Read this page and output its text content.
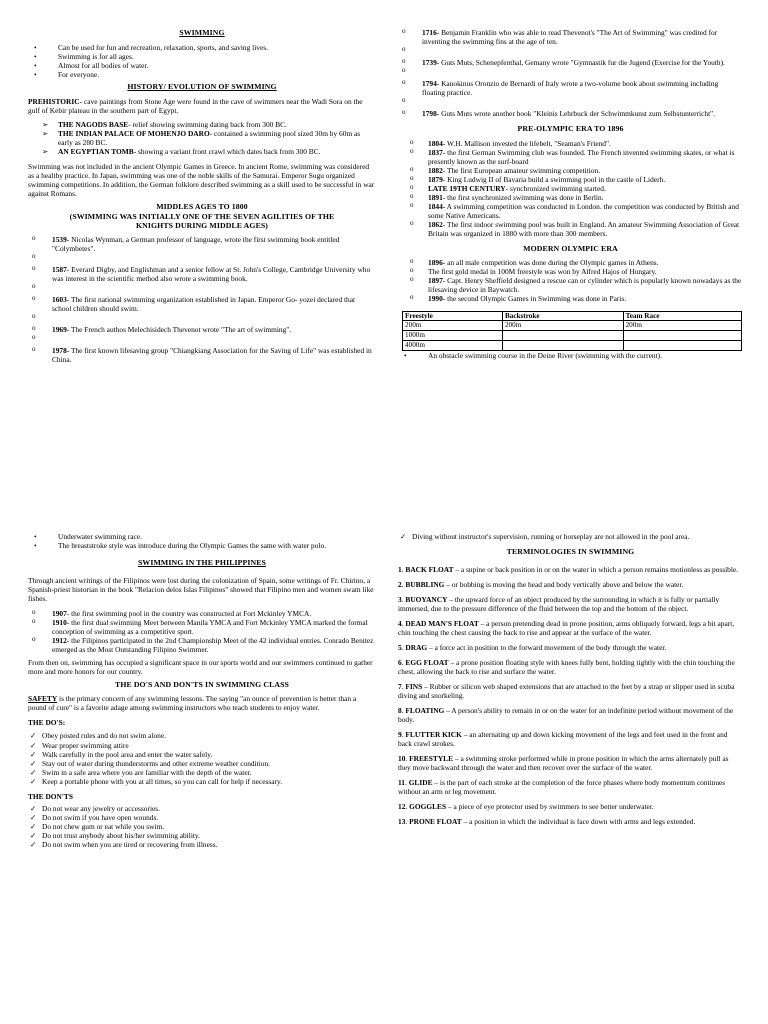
SWIMMING
• Can be used for fun and recreation, relaxation, sports, and saving lives.
• Swimming is for all ages.
• Almost for all bodies of water.
• For everyone.
HISTORY/ EVOLUTION OF SWIMMING

PREHISTORIC- cave paintings from Stone Age were found in the cave of swimmers near the Wadi Sora on the gulf of Kebir plateau in the southern part of Egypt.

➢ THE NAGODS BASE- relief showing swimming dating back from 300 BC.
➢ THE INDIAN PALACE OF MOHENJO DARO- contained a swimming pool sized 30m by 60m as early as 280 BC.
➢ AN EGYPTIAN TOMB- showing a variant front crawl which dates back from 300 BC.

Swimming was not included in the ancient Olympic Games in Greece. In ancient Rome, swimming was considered as a healthy practice. In Japan, swimming was one of the noble skills of the Samurai. Emperor Sugu organized swimming competitions. In addition, the German folklore described swimming as a skill used to be successful in war against Romans.

MIDDLES AGES TO 1800
(SWIMMING WAS INITIALLY ONE OF THE SEVEN AGILITIES OF THE
KNIGHTS DURING MIDDLE AGES)
o 1539- Nicolas Wynman, a German professor of language, wrote the first swimming book entitled "Colymbetes".
o
o 1587- Everard Digby, and Englishman and a senior fellow at St. John's College, Cambridge University who was interest in the scientific method also wrote a swimming book.
o
o 1603- The first national swimming organization established in Japan. Emperor Go- yozei declared that school children should swim.
o
o 1969- The French authos Melechisidech Thevenot wrote "The art of swimming".
o
o 1978- The first known lifesaving group "Chiangkiang Association for the Saving of Life" was established in China.
o 1716- Benjamin Franklin who was able to read Thevenot's "The Art of Swimming" was credited for inventing the swimming fins at the age of ten.
o
o 1739- Guts Muts, Schenepfenthal, Gemany wrote "Gymnastik fur die Jugend (Exercise for the Youth).
o
o 1794- Kanokinus Oronzio de Bernardi of Italy wrote a two-volume book about swimming including floating practice.
o
o 1798- Guts Muts wrote another book "Kleinis Lehrbuck der Schwimmkunst zum Selbstunterricht".
PRE-OLYMPIC ERA TO 1896
o 1804- W.H. Mallison invested the lifebelt, "Seaman's Friend".
o 1837- the first German Swimming club was founded. The French invented swimming skates, or what is presently known as the surf-board
o 1882- The first European amateur swimming competition.
o 1879- King Ludwig II of Bavaria build a swimming pool in the castle of Liderh.
o LATE 19TH CENTURY- synchronized swimming started.
o 1891- the first synchronized swimming was done in Berlin.
o 1844- A swimming competition was conducted in London. the competition was conducted by British and some Native Americans.
o 1862- The first indoor swimming pool was built in England. An amateur Swimming Association of Great Britain was organized in 1880 with more than 300 members.
MODERN OLYMPIC ERA
o 1896- an all male competition was done during the Olympic games in Athens.
o The first gold medal in 100M freestyle was won by Alfred Hajos of Hungary.
o 1897- Capt. Henry Sheffield designed a rescue can or cylinder which is popularly known nowadays as the lifesaving device in Baywatch.
o 1990- the second Olympic Games in Swimming was done in Paris.
Freestyle	Backstroke	Team Race
200m	200m	200m
1000m		
4000m		
• An obstacle swimming course in the Deine River (swimming with the current).
• Underwater swimming race.
• The breaststroke style was introduce during the Olympic Games the same with water polo.
SWIMMING IN THE PHILIPPINES

Through ancient writings of the Filipinos were lost during the colonization of Spain, some writings of Fr. Chirino, a Spanish-priest historian in the book "Relacion delos Islas Filipinos" showed that Filipino men and women swam like fishes.

o 1907- the first swimming pool in the country was constructed at Fort Mckinley YMCA.
o 1910- the first dual swimming Meet between Manila YMCA and Fort Mckinley YMCA marked the formal conception of swimming as a competitive sport.
o 1912- the Filipinos participated in the 2nd Championship Meet of the 42 individual entries. Conrado Benitez emerged as the Most Outstanding Filipino Swimmer.

From then on, swimming has occupied a significant space in our sports world and our swimmers continued to gather more and more honors for our country.

THE DO'S AND DON'TS IN SWIMMING CLASS

SAFETY is the primary concern of any swimming lessons. The saying "an ounce of prevention is better than a pound of cure" is a favorite adage among swimming instructors who teach students to enjoy water.

THE DO'S:

✓ Obey posted rules and do not swim alone.
✓ Wear proper swimming attire
✓ Walk carefully in the pool area and enter the water safely.
✓ Stay out of water during thunderstorms and other extreme weather condition.
✓ Swim in a safe area where you are familiar with the depth of the water.
✓ Keep a portable phone with you at all times, so you can call for help if necessary.

THE DON'TS

✓ Do not wear any jewelry or accessories.
✓ Do not swim if you have open wounds.
✓ Do not chew gum or eat while you swim.
✓ Do not trust anybody about his/her swimming ability.
✓ Do not swim when you are tired or recovering from illness.
✓ Diving without instructor's supervision, running or horseplay are not allowed in the pool area.
TERMINOLOGIES IN SWIMMING

1. BACK FLOAT – a supine or back position in or on the water in which a person remains motionless as possible.

2. BUBBLING – or bobbing is moving the head and body vertically above and below the water.

3. BUOYANCY – the upward force of an object produced by the surrounding in which it is fully or partially immersed, due to the pressure difference of the fluid between the top and the bottom of the object.

4. DEAD MAN'S FLOAT – a person pretending dead in prone position, arms obliquely forward, legs a bit apart, chin touching the chest causing the back to rise and appear at the surface of the water.

5. DRAG – a force act in position to the forward movement of the body through the water.

6. EGG FLOAT – a prone position floating style with knees fully bent, holding tightly with the chin touching the chest, allowing the back to rise and surface the water.

7. FINS – Rubber or silicon web shaped extensions that are attached to the feet by a strap or slipper used in scuba diving and snorkeling.

8. FLOATING – A person's ability to remain in or on the water for an indefinite period without movement of the body.

9. FLUTTER KICK – an alternating up and down kicking movement of the legs and feet used in the front and back crawl strokes.

10. FREESTYLE – a swimming stroke performed while in prone position in which the arms alternately pull as they move backward through the water and then recover over the surface of the water.

11. GLIDE – is the part of each stroke at the completion of the force phases where body momentum continues without an arm or leg movement.

12. GOGGLES – a piece of eye protector used by swimmers to see better underwater.

13. PRONE FLOAT – a position in which the individual is face down with arms and legs extended.
